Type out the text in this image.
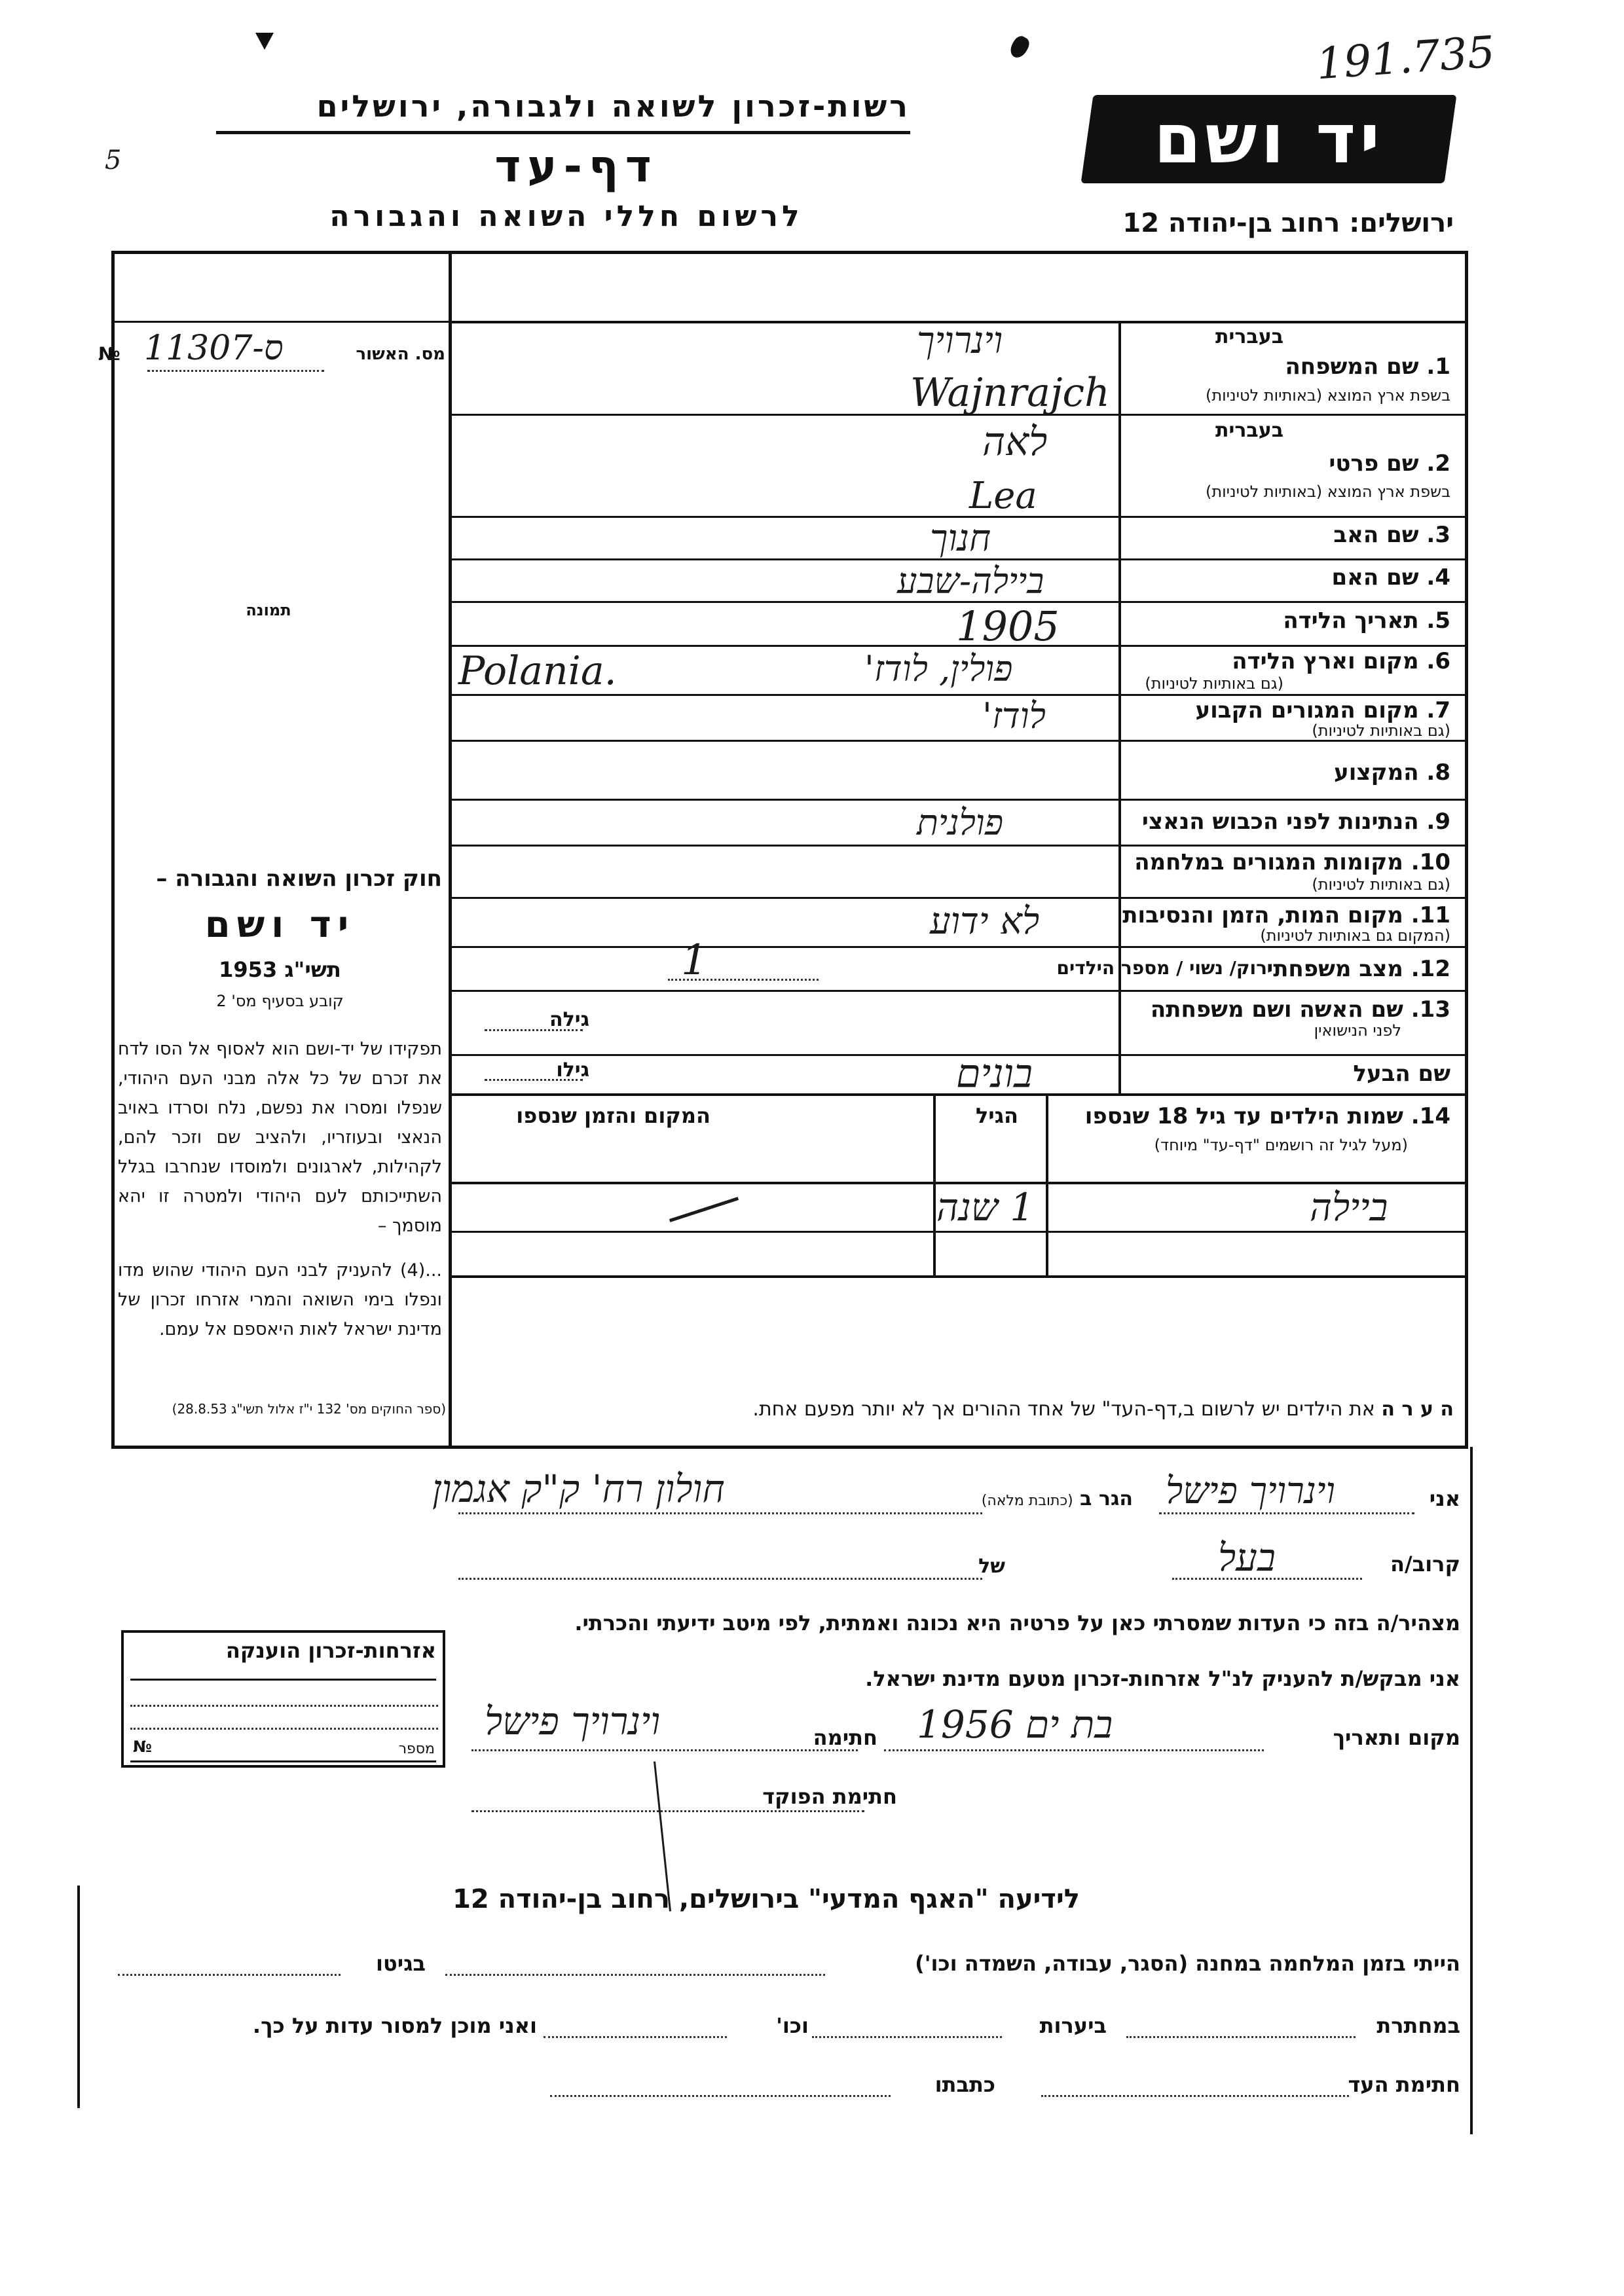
191.735
5
רשות-זכרון לשואה ולגבורה, ירושלים
דף-עד
לרשום חללי השואה והגבורה
יד ושם
ירושלים: רחוב בן-יהודה 12
№ 11307-ס	מס. האשור
תמונה
חוק זכרון השואה והגבורה –
יד ושם
תשי"ג 1953
קובע בסעיף מס' 2
תפקידו של יד-ושם הוא לאסוף אל הסו לדח את זכרם של כל אלה מבני העם היהודי, שנפלו ומסרו את נפשם, נלח וסרדו באויב הנאצי ובעוזריו, ולהציב שם וזכר להם, לקהילות, לארגונים ולמוסדו שנחרבו בגלל השתייכותם לעם היהודי ולמטרה זו יהא מוסמך –
...(4) להעניק לבני העם היהודי שהוש מדו ונפלו בימי השואה והמרי אזרחו זכרון של מדינת ישראל לאות היאספם אל עמם.
(ספר החוקים מס' 132 י"ז אלול תשי"ג 28.8.53)
בעברית
1. שם המשפחה
בשפת ארץ המוצא (באותיות לטיניות)
וינרויך
Wajnrajch
בעברית
2. שם פרטי
בשפת ארץ המוצא (באותיות לטיניות)
לאה
Lea
3. שם האב
חנוך
4. שם האם
ביילה-שבע
5. תאריך הלידה
1905
6. מקום וארץ הלידה
(גם באותיות לטיניות)
פולין, לודז'
Polania.
7. מקום המגורים הקבוע
(גם באותיות לטיניות)
לודז'
8. המקצוע
9. הנתינות לפני הכבוש הנאצי
פולנית
10. מקומות המגורים במלחמה
(גם באותיות לטיניות)
11. מקום המות, הזמן והנסיבות
(המקום גם באותיות לטיניות)
לא ידוע
12. מצב משפחתי
רוק/ נשוי / מספר הילדים
1
13. שם האשה ושם משפחתה
לפני הנישואין
גילה
שם הבעל
בונים
גילו
14. שמות הילדים עד גיל 18 שנספו
(מעל לגיל זה רושמים "דף-עד" מיוחד)
הגיל
המקום והזמן שנספו
ביילה
1 שנה
ה ע ר ה את הילדים יש לרשום ב,דף-העד" של אחד ההורים אך לא יותר מפעם אחת.
אני
וינרויך פישל
הגר ב (כתובת מלאה)
חולון רח' ק"ק אגמון
קרוב/ה
בעל
של
מצהיר/ה בזה כי העדות שמסרתי כאן על פרטיה היא נכונה ואמתית, לפי מיטב ידיעתי והכרתי.
אני מבקש/ת להעניק לנ"ל אזרחות-זכרון מטעם מדינת ישראל.
מקום ותאריך
בת ים 1956
חתימה
וינרויך פישל
חתימת הפוקד
אזרחות-זכרון הוענקה
№	מספר
לידיעה "האגף המדעי" בירושלים, רחוב בן-יהודה 12
הייתי בזמן המלחמה במחנה (הסגר, עבודה, השמדה וכו')
בגיטו
במחתרת
ביערות
וכו'
ואני מוכן למסור עדות על כך.
חתימת העד
כתבתו
